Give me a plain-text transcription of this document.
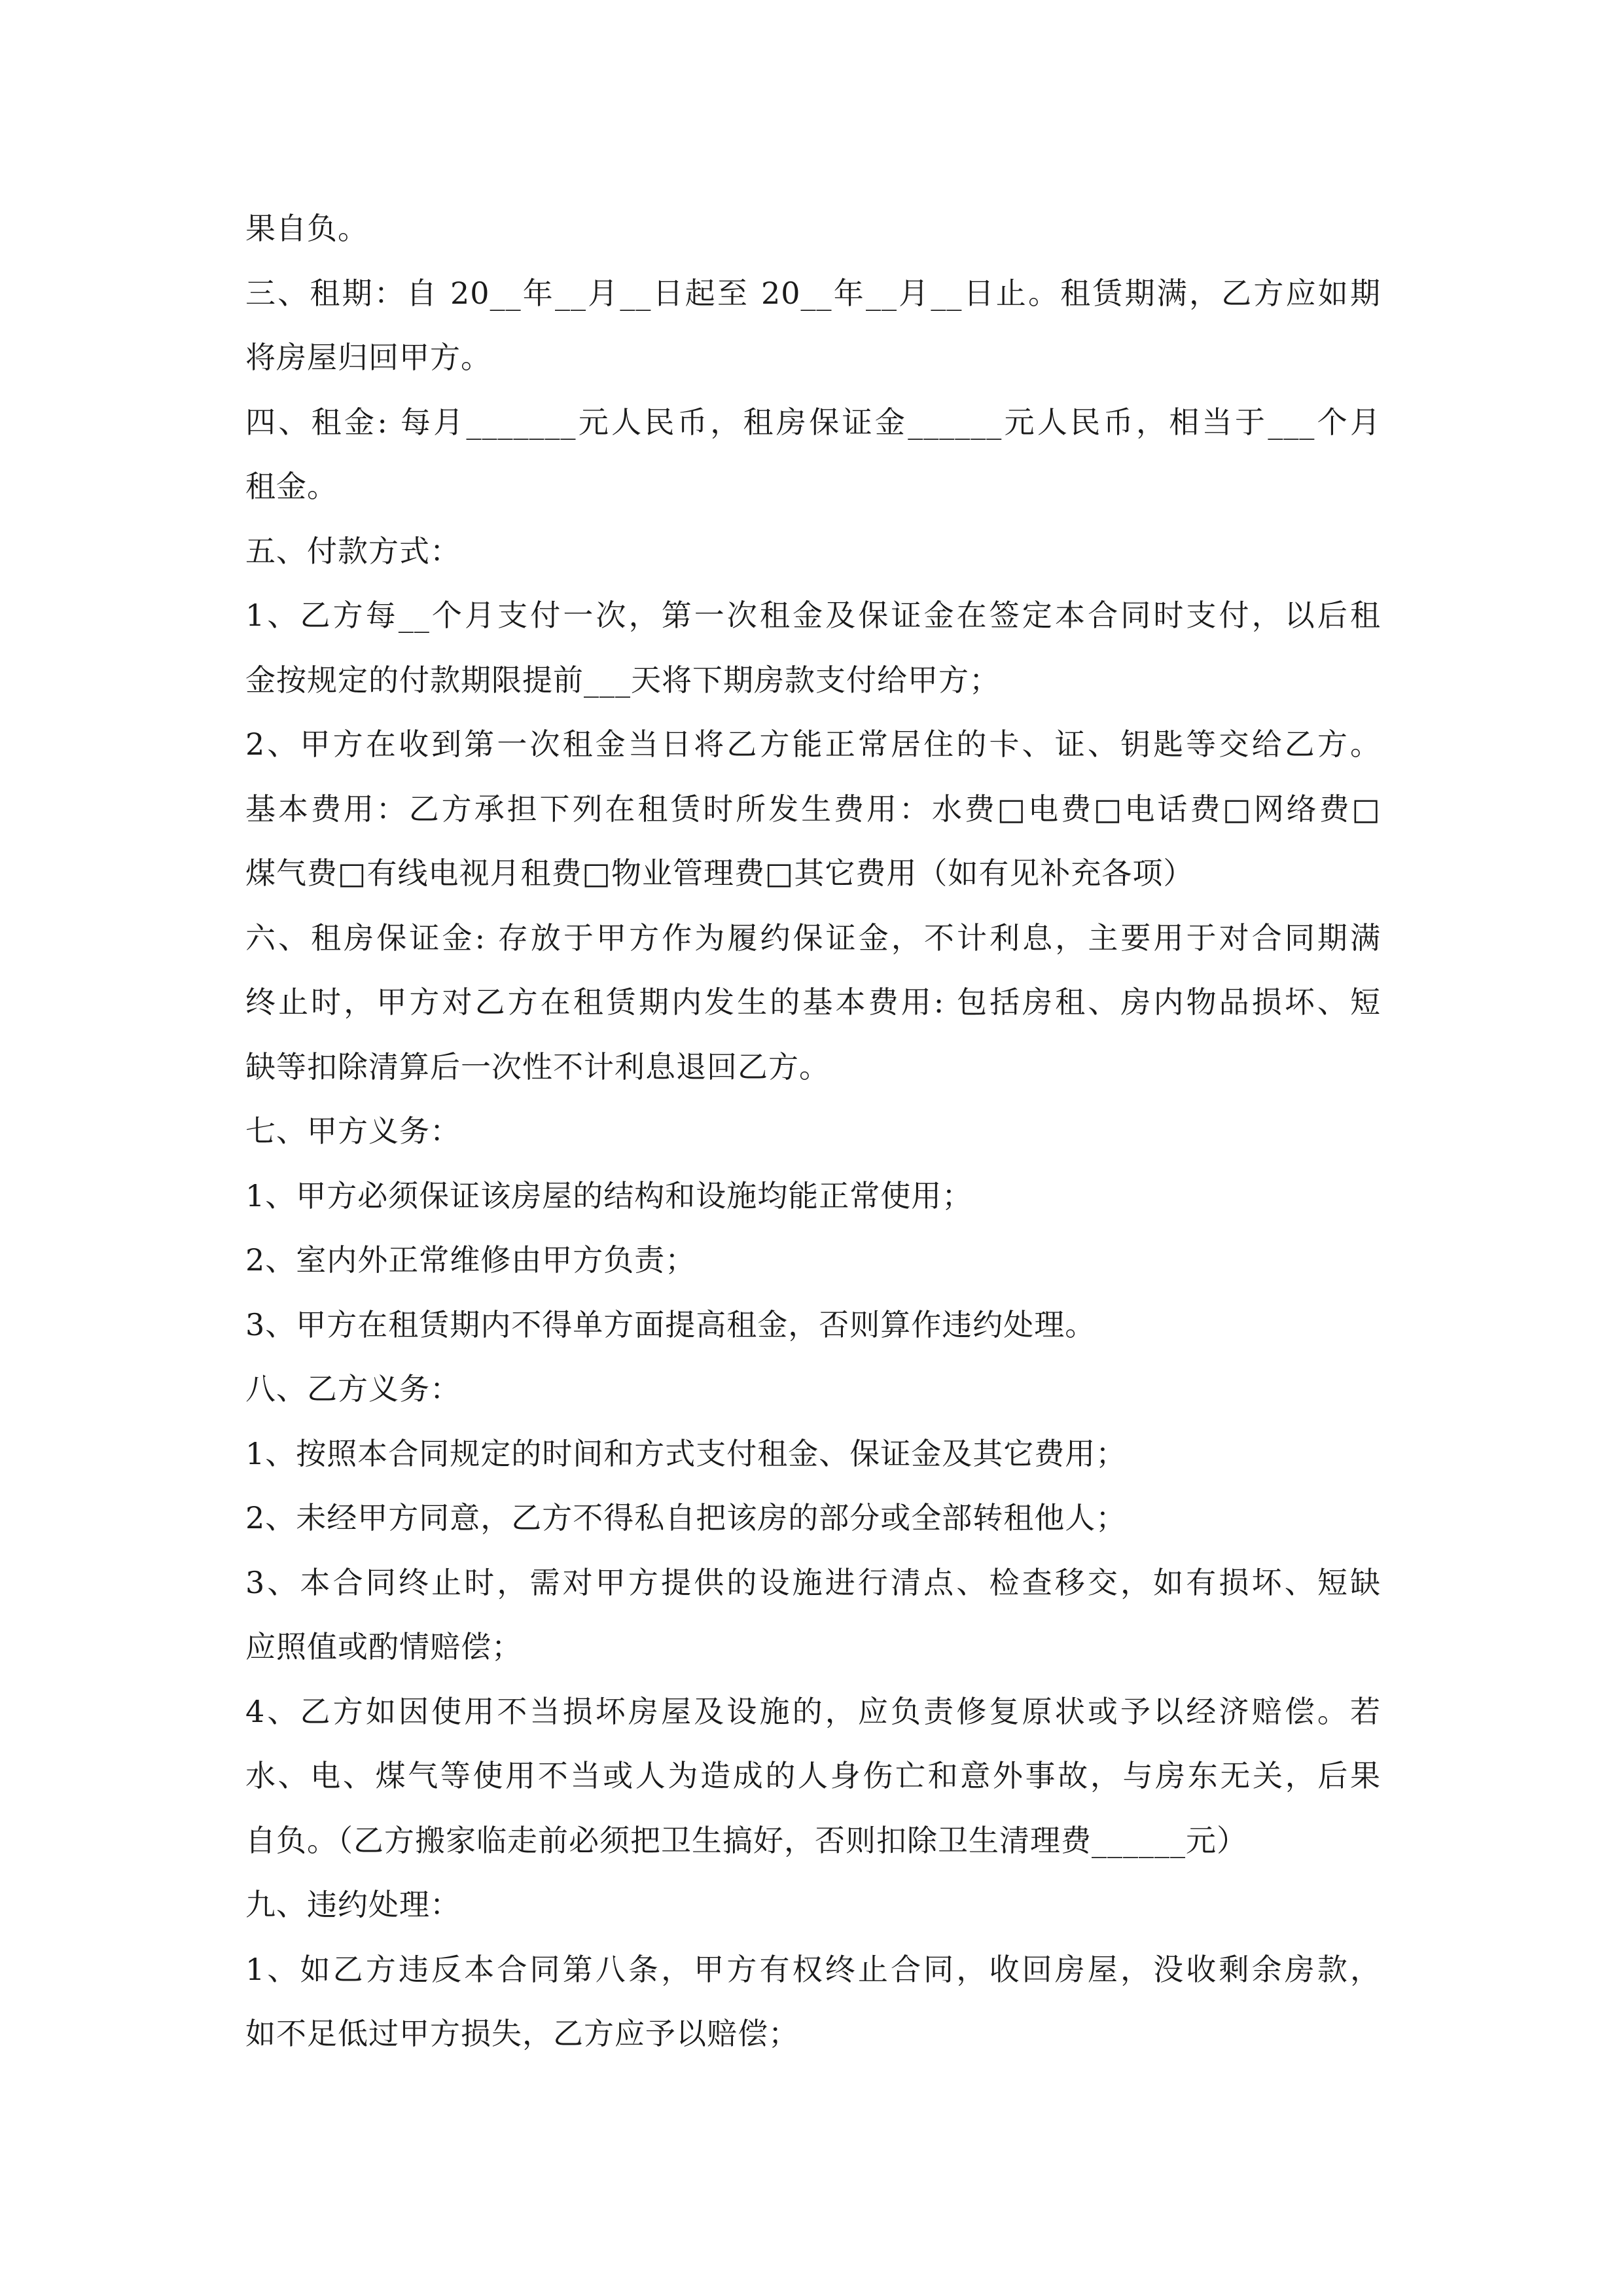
果自负。
三、租期：自 20__年__月__日起至 20__年__月__日止。租赁期满，乙方应如期
将房屋归回甲方。
四、租金: 每月_______元人民币，租房保证金______元人民币，相当于___个月
租金。
五、付款方式：
1、乙方每__个月支付一次，第一次租金及保证金在签定本合同时支付，以后租
金按规定的付款期限提前___天将下期房款支付给甲方；
2、甲方在收到第一次租金当日将乙方能正常居住的卡、证、钥匙等交给乙方。
基本费用：乙方承担下列在租赁时所发生费用：水费□电费□电话费□网络费□
煤气费□有线电视月租费□物业管理费□其它费用（如有见补充各项）
六、租房保证金: 存放于甲方作为履约保证金，不计利息，主要用于对合同期满
终止时，甲方对乙方在租赁期内发生的基本费用: 包括房租、房内物品损坏、短
缺等扣除清算后一次性不计利息退回乙方。
七、甲方义务：
1、甲方必须保证该房屋的结构和设施均能正常使用；
2、室内外正常维修由甲方负责；
3、甲方在租赁期内不得单方面提高租金，否则算作违约处理。
八、乙方义务：
1、按照本合同规定的时间和方式支付租金、保证金及其它费用；
2、未经甲方同意，乙方不得私自把该房的部分或全部转租他人；
3、本合同终止时，需对甲方提供的设施进行清点、检查移交，如有损坏、短缺
应照值或酌情赔偿；
4、乙方如因使用不当损坏房屋及设施的，应负责修复原状或予以经济赔偿。若
水、电、煤气等使用不当或人为造成的人身伤亡和意外事故，与房东无关，后果
自负。（乙方搬家临走前必须把卫生搞好，否则扣除卫生清理费______元）
九、违约处理：
1、如乙方违反本合同第八条，甲方有权终止合同，收回房屋，没收剩余房款，
如不足低过甲方损失，乙方应予以赔偿；
